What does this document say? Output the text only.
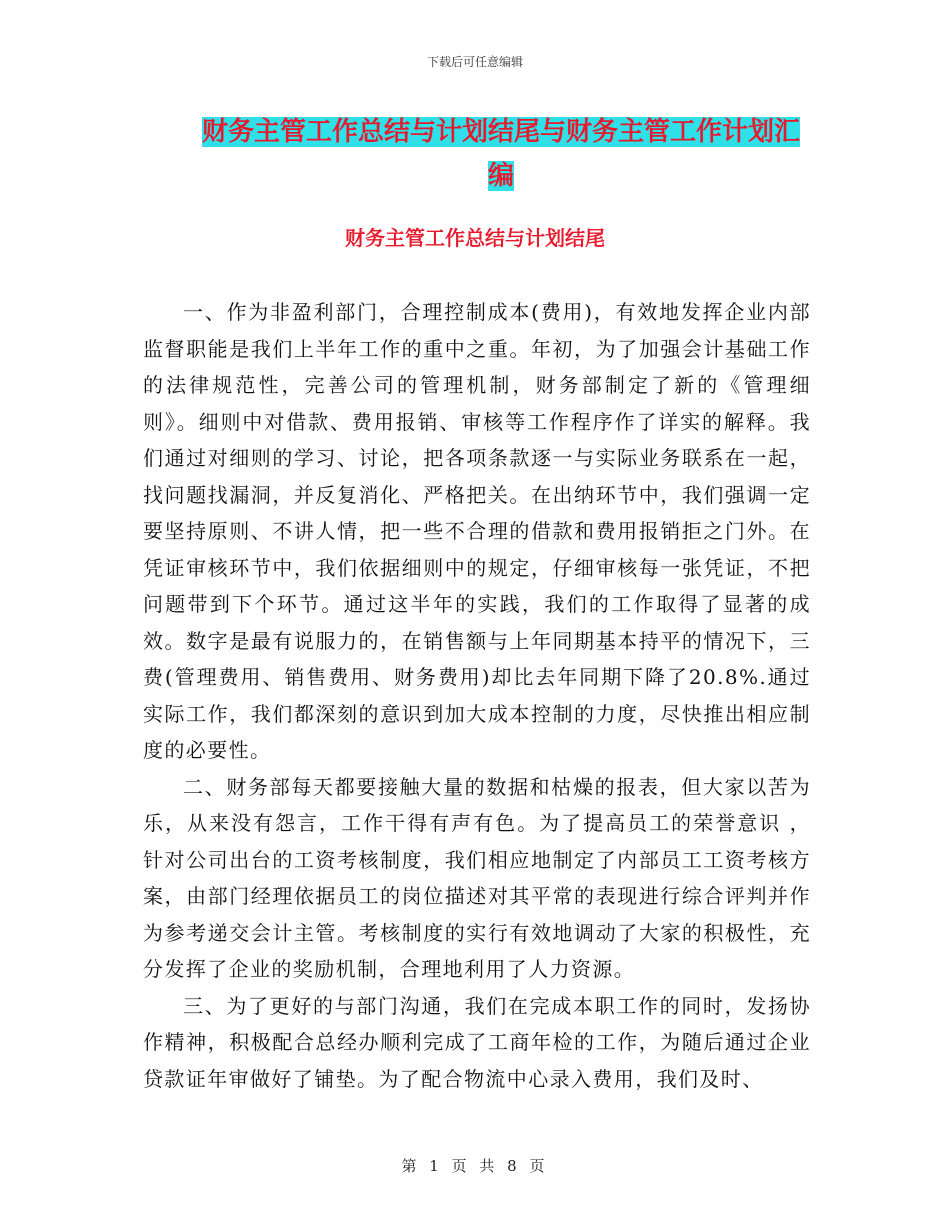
下载后可任意编辑
财务主管工作总结与计划结尾与财务主管工作计划汇编
财务主管工作总结与计划结尾

一、作为非盈利部门，合理控制成本(费用)，有效地发挥企业内部监督职能是我们上半年工作的重中之重。年初，为了加强会计基础工作的法律规范性，完善公司的管理机制，财务部制定了新的《管理细则》。细则中对借款、费用报销、审核等工作程序作了详实的解释。我们通过对细则的学习、讨论，把各项条款逐一与实际业务联系在一起，找问题找漏洞，并反复消化、严格把关。在出纳环节中，我们强调一定要坚持原则、不讲人情，把一些不合理的借款和费用报销拒之门外。在凭证审核环节中，我们依据细则中的规定，仔细审核每一张凭证，不把问题带到下个环节。通过这半年的实践，我们的工作取得了显著的成效。数字是最有说服力的，在销售额与上年同期基本持平的情况下，三费(管理费用、销售费用、财务费用)却比去年同期下降了20.8%.通过实际工作，我们都深刻的意识到加大成本控制的力度，尽快推出相应制度的必要性。

二、财务部每天都要接触大量的数据和枯燥的报表，但大家以苦为乐，从来没有怨言，工作干得有声有色。为了提高员工的荣誉意识 ，针对公司出台的工资考核制度，我们相应地制定了内部员工工资考核方案，由部门经理依据员工的岗位描述对其平常的表现进行综合评判并作为参考递交会计主管。考核制度的实行有效地调动了大家的积极性，充分发挥了企业的奖励机制，合理地利用了人力资源。

三、为了更好的与部门沟通，我们在完成本职工作的同时，发扬协作精神，积极配合总经办顺利完成了工商年检的工作，为随后通过企业贷款证年审做好了铺垫。为了配合物流中心录入费用，我们及时、

第 1 页 共 8 页
